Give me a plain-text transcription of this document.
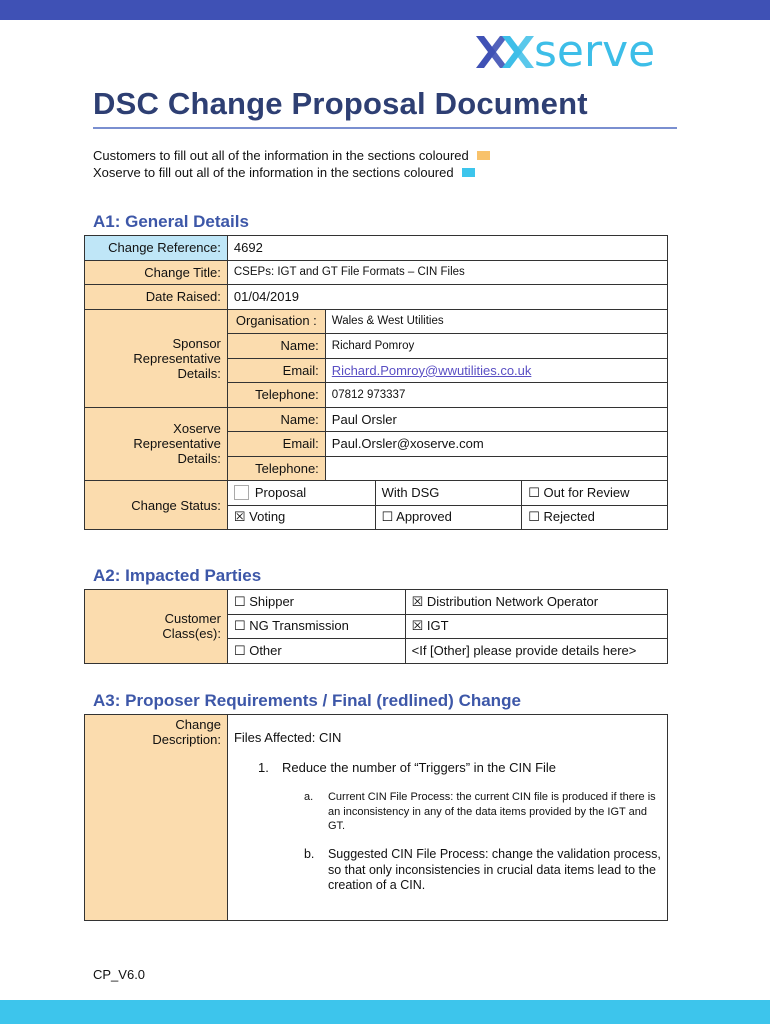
serve
DSC Change Proposal Document
Customers to fill out all of the information in the sections coloured
Xoserve to fill out all of the information in the sections coloured
A1: General Details
Change Reference:	4692			
Change Title:	CSEPs: IGT and GT File Formats – CIN Files			
Date Raised:	01/04/2019			
Sponsor Representative Details:	Organisation :	Wales & West Utilities		
	Name:	Richard Pomroy		
	Email:	Richard.Pomroy@wwutilities.co.uk		
	Telephone:	07812 973337		
Xoserve Representative Details:	Name:	Paul Orsler		
	Email:	Paul.Orsler@xoserve.com		
	Telephone:			
Change Status:	Proposal		With DSG	☐ Out for Review
	☒ Voting		☐ Approved	☐ Rejected
A2: Impacted Parties
Customer Class(es):	☐ Shipper	☒ Distribution Network Operator
	☐ NG Transmission	☒ IGT
	☐ Other	<If [Other] please provide details here>
A3: Proposer Requirements / Final (redlined) Change
Change Description:	Files Affected: CIN

1. Reduce the number of “Triggers” in the CIN File

a.	Current CIN File Process: the current CIN file is produced if there is an inconsistency in any of the data items provided by the IGT and GT.

b.	Suggested CIN File Process: change the validation process, so that only inconsistencies in crucial data items lead to the creation of a CIN.

CP_V6.0
